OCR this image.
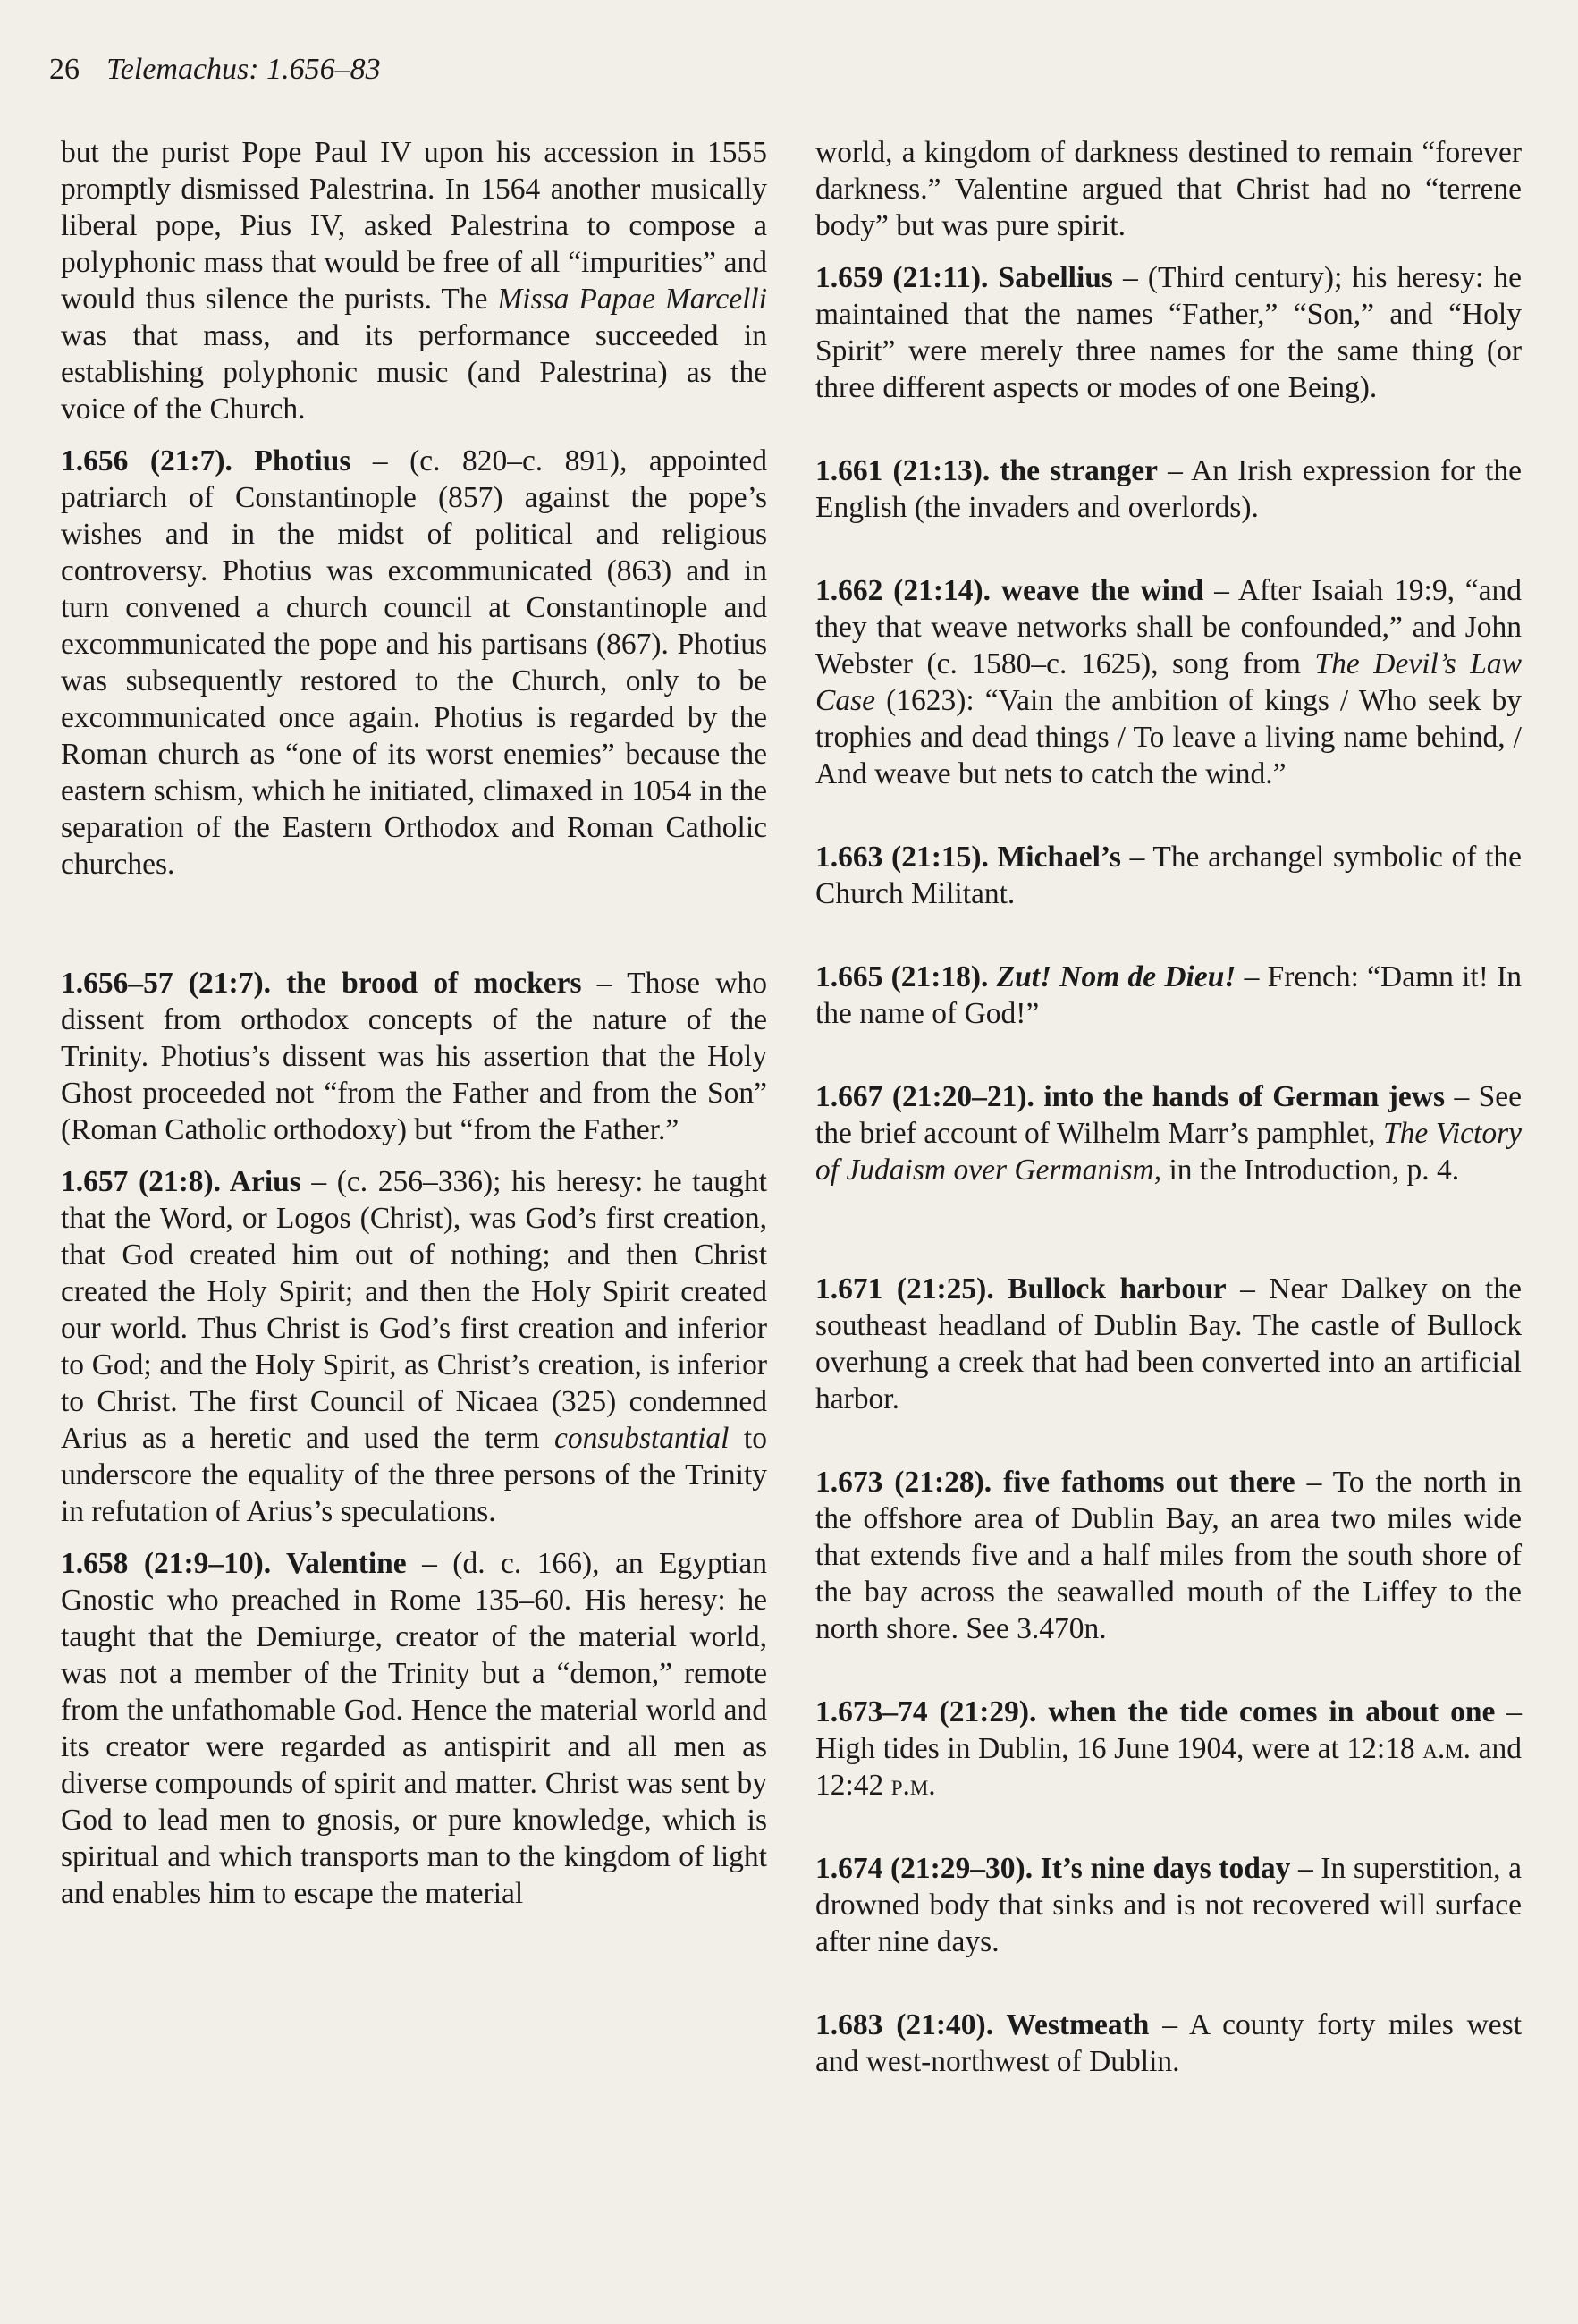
26 Telemachus: 1.656–83

but the purist Pope Paul IV upon his accession in 1555 promptly dismissed Palestrina. In 1564 another musically liberal pope, Pius IV, asked Palestrina to compose a polyphonic mass that would be free of all “impurities” and would thus silence the purists. The Missa Papae Marcelli was that mass, and its performance succeeded in establishing polyphonic music (and Palestrina) as the voice of the Church.

1.656 (21:7). Photius – (c. 820–c. 891), appointed patriarch of Constantinople (857) against the pope’s wishes and in the midst of political and religious controversy. Photius was excommunicated (863) and in turn convened a church council at Constantinople and excommunicated the pope and his partisans (867). Photius was subsequently restored to the Church, only to be excommunicated once again. Photius is regarded by the Roman church as “one of its worst enemies” because the eastern schism, which he initiated, climaxed in 1054 in the separation of the Eastern Orthodox and Roman Catholic churches.

1.656–57 (21:7). the brood of mockers – Those who dissent from orthodox concepts of the nature of the Trinity. Photius’s dissent was his assertion that the Holy Ghost proceeded not “from the Father and from the Son” (Roman Catholic orthodoxy) but “from the Father.”

1.657 (21:8). Arius – (c. 256–336); his heresy: he taught that the Word, or Logos (Christ), was God’s first creation, that God created him out of nothing; and then Christ created the Holy Spirit; and then the Holy Spirit created our world. Thus Christ is God’s first creation and inferior to God; and the Holy Spirit, as Christ’s creation, is inferior to Christ. The first Council of Nicaea (325) condemned Arius as a heretic and used the term consubstantial to underscore the equality of the three persons of the Trinity in refutation of Arius’s speculations.

1.658 (21:9–10). Valentine – (d. c. 166), an Egyptian Gnostic who preached in Rome 135–60. His heresy: he taught that the Demiurge, creator of the material world, was not a member of the Trinity but a “demon,” remote from the unfathomable God. Hence the material world and its creator were regarded as antispirit and all men as diverse compounds of spirit and matter. Christ was sent by God to lead men to gnosis, or pure knowledge, which is spiritual and which transports man to the kingdom of light and enables him to escape the material

world, a kingdom of darkness destined to remain “forever darkness.” Valentine argued that Christ had no “terrene body” but was pure spirit.

1.659 (21:11). Sabellius – (Third century); his heresy: he maintained that the names “Father,” “Son,” and “Holy Spirit” were merely three names for the same thing (or three different aspects or modes of one Being).

1.661 (21:13). the stranger – An Irish expression for the English (the invaders and overlords).

1.662 (21:14). weave the wind – After Isaiah 19:9, “and they that weave networks shall be confounded,” and John Webster (c. 1580–c. 1625), song from The Devil’s Law Case (1623): “Vain the ambition of kings / Who seek by trophies and dead things / To leave a living name behind, / And weave but nets to catch the wind.”

1.663 (21:15). Michael’s – The archangel symbolic of the Church Militant.

1.665 (21:18). Zut! Nom de Dieu! – French: “Damn it! In the name of God!”

1.667 (21:20–21). into the hands of German jews – See the brief account of Wilhelm Marr’s pamphlet, The Victory of Judaism over Germanism, in the Introduction, p. 4.

1.671 (21:25). Bullock harbour – Near Dalkey on the southeast headland of Dublin Bay. The castle of Bullock overhung a creek that had been converted into an artificial harbor.

1.673 (21:28). five fathoms out there – To the north in the offshore area of Dublin Bay, an area two miles wide that extends five and a half miles from the south shore of the bay across the seawalled mouth of the Liffey to the north shore. See 3.470n.

1.673–74 (21:29). when the tide comes in about one – High tides in Dublin, 16 June 1904, were at 12:18 a.m. and 12:42 p.m.

1.674 (21:29–30). It’s nine days today – In superstition, a drowned body that sinks and is not recovered will surface after nine days.

1.683 (21:40). Westmeath – A county forty miles west and west-northwest of Dublin.
